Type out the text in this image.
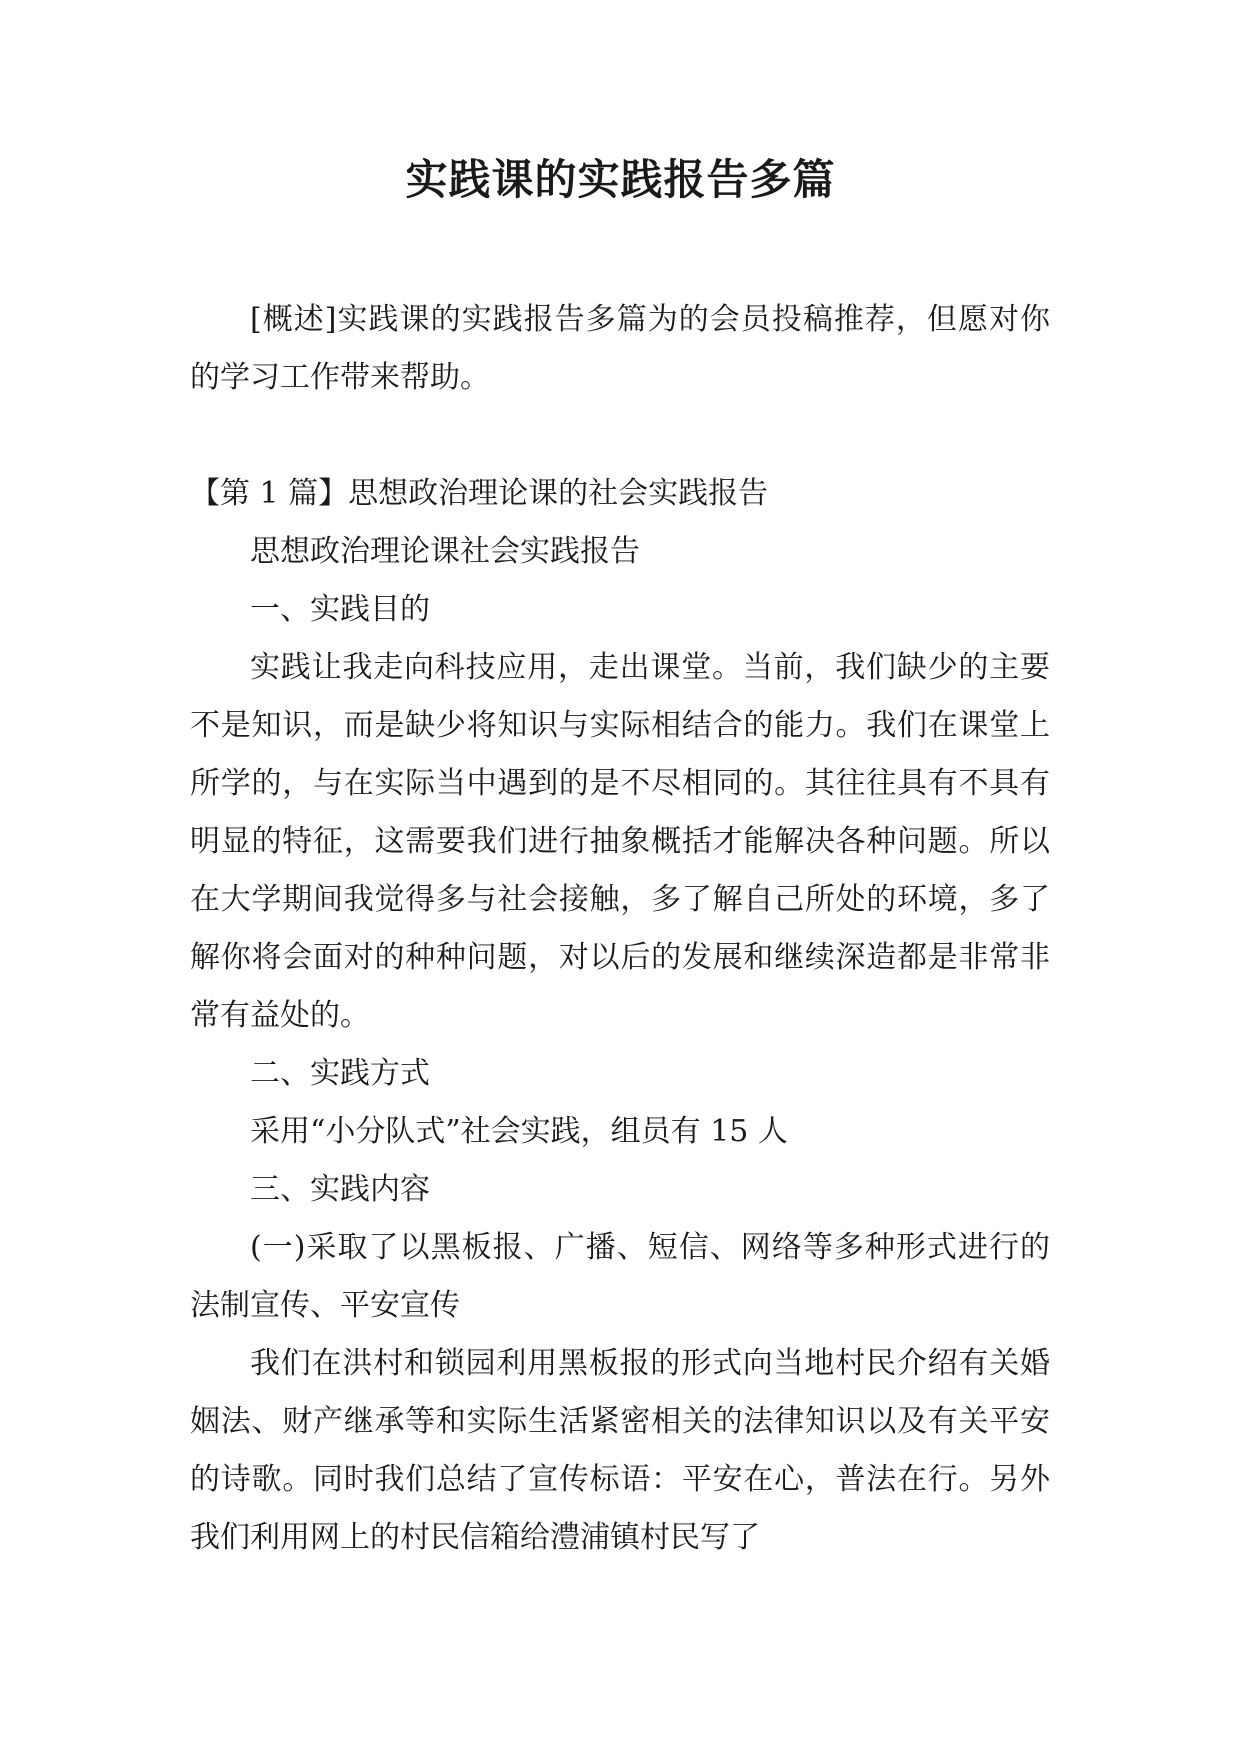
实践课的实践报告多篇

[概述]实践课的实践报告多篇为的会员投稿推荐，但愿对你的学习工作带来帮助。

【第 1 篇】思想政治理论课的社会实践报告

思想政治理论课社会实践报告

一、实践目的

实践让我走向科技应用，走出课堂。当前，我们缺少的主要不是知识，而是缺少将知识与实际相结合的能力。我们在课堂上所学的，与在实际当中遇到的是不尽相同的。其往往具有不具有明显的特征，这需要我们进行抽象概括才能解决各种问题。所以在大学期间我觉得多与社会接触，多了解自己所处的环境，多了解你将会面对的种种问题，对以后的发展和继续深造都是非常非常有益处的。

二、实践方式

采用“小分队式”社会实践，组员有 15 人

三、实践内容

(一)采取了以黑板报、广播、短信、网络等多种形式进行的法制宣传、平安宣传

我们在洪村和锁园利用黑板报的形式向当地村民介绍有关婚姻法、财产继承等和实际生活紧密相关的法律知识以及有关平安的诗歌。同时我们总结了宣传标语：平安在心，普法在行。另外我们利用网上的村民信箱给澧浦镇村民写了
